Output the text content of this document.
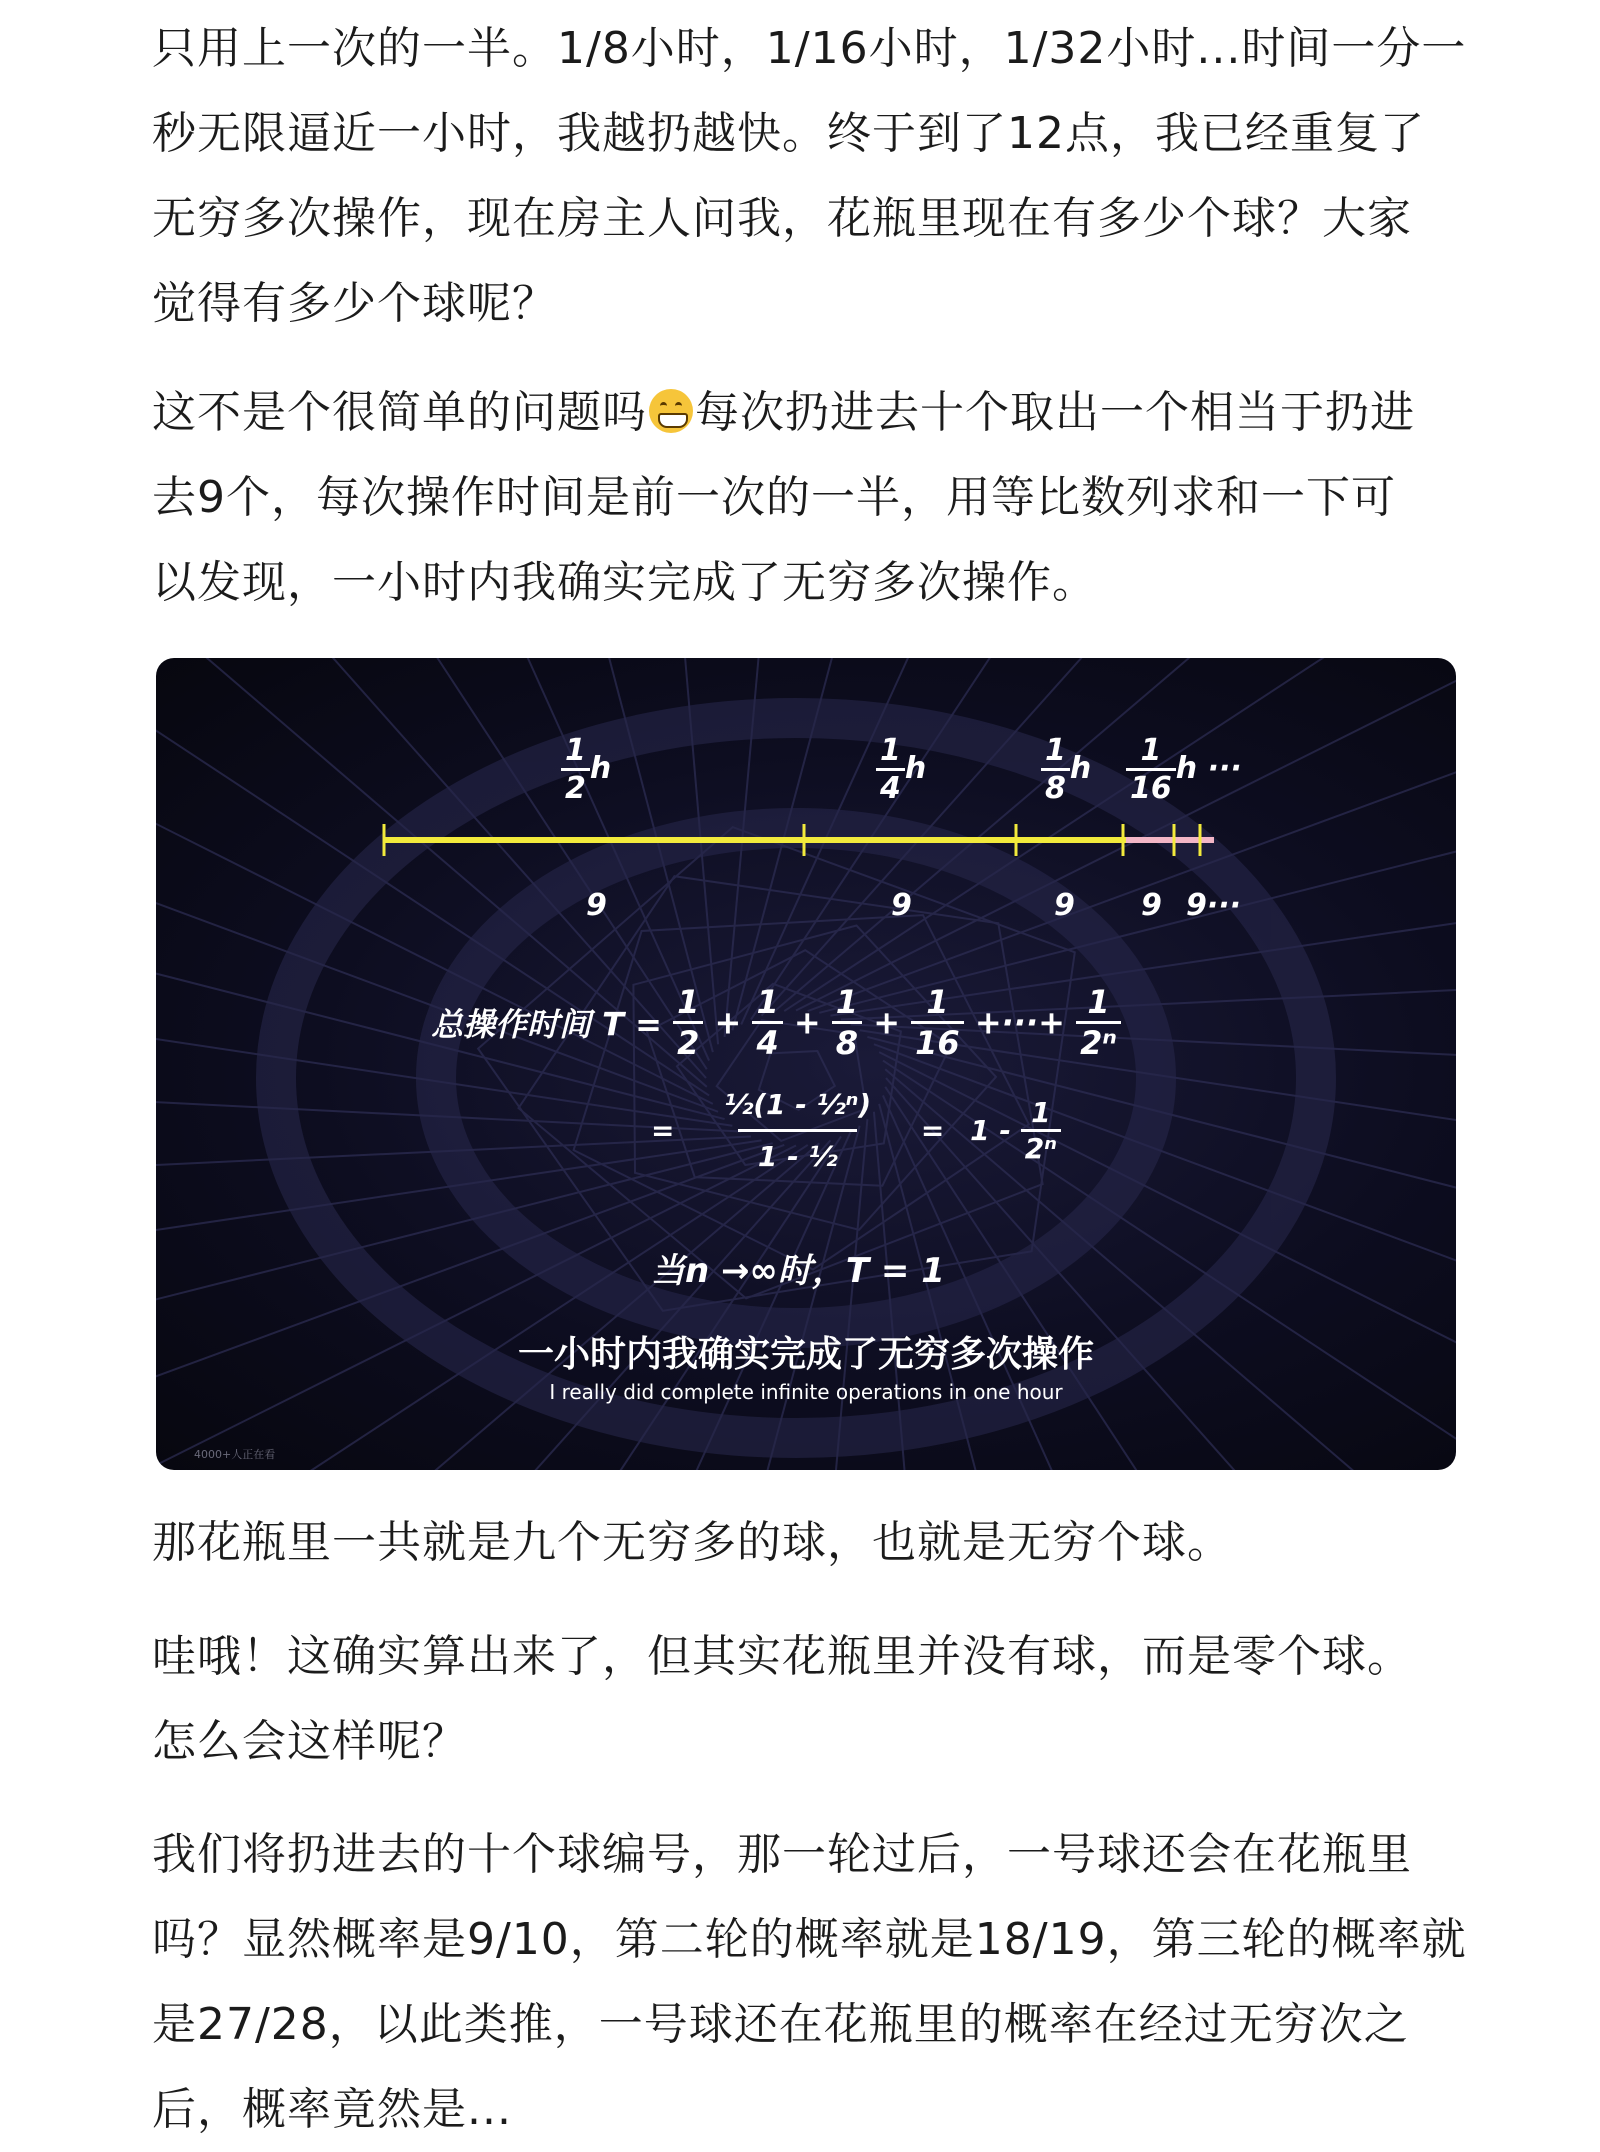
只用上一次的一半。1/8小时，1/16小时，1/32小时...时间一分一
秒无限逼近一小时，我越扔越快。终于到了12点，我已经重复了
无穷多次操作，现在房主人问我，花瓶里现在有多少个球？大家
觉得有多少个球呢？
这不是个很简单的问题吗 每次扔进去十个取出一个相当于扔进
去9个，每次操作时间是前一次的一半，用等比数列求和一下可
以发现，一小时内我确实完成了无穷多次操作。
$\frac{1}{2}$ h	$\frac{1}{4}$ h	$\frac{1}{8}$ h $\frac{1}{16}$ h ···
9	9	9 9 9···
总操作时间 $T = \frac{1}{2} + \frac{1}{4} + \frac{1}{8} + \frac{1}{16}$ +···+ $\frac{1}{\text{2ⁿ}}$
= $\frac{\text{½(1 - ½ⁿ)}}{\text{1 - ½}} = 1 - \frac{1}{\text{2ⁿ}}$
当n →∞时，T = 1
一小时内我确实完成了无穷多次操作
I really did complete infinite operations in one hour
4000+人正在看
那花瓶里一共就是九个无穷多的球，也就是无穷个球。
哇哦！这确实算出来了，但其实花瓶里并没有球，而是零个球。
怎么会这样呢？
我们将扔进去的十个球编号，那一轮过后，一号球还会在花瓶里
吗？显然概率是9/10，第二轮的概率就是18/19，第三轮的概率就
是27/28，以此类推，一号球还在花瓶里的概率在经过无穷次之
后，概率竟然是...
